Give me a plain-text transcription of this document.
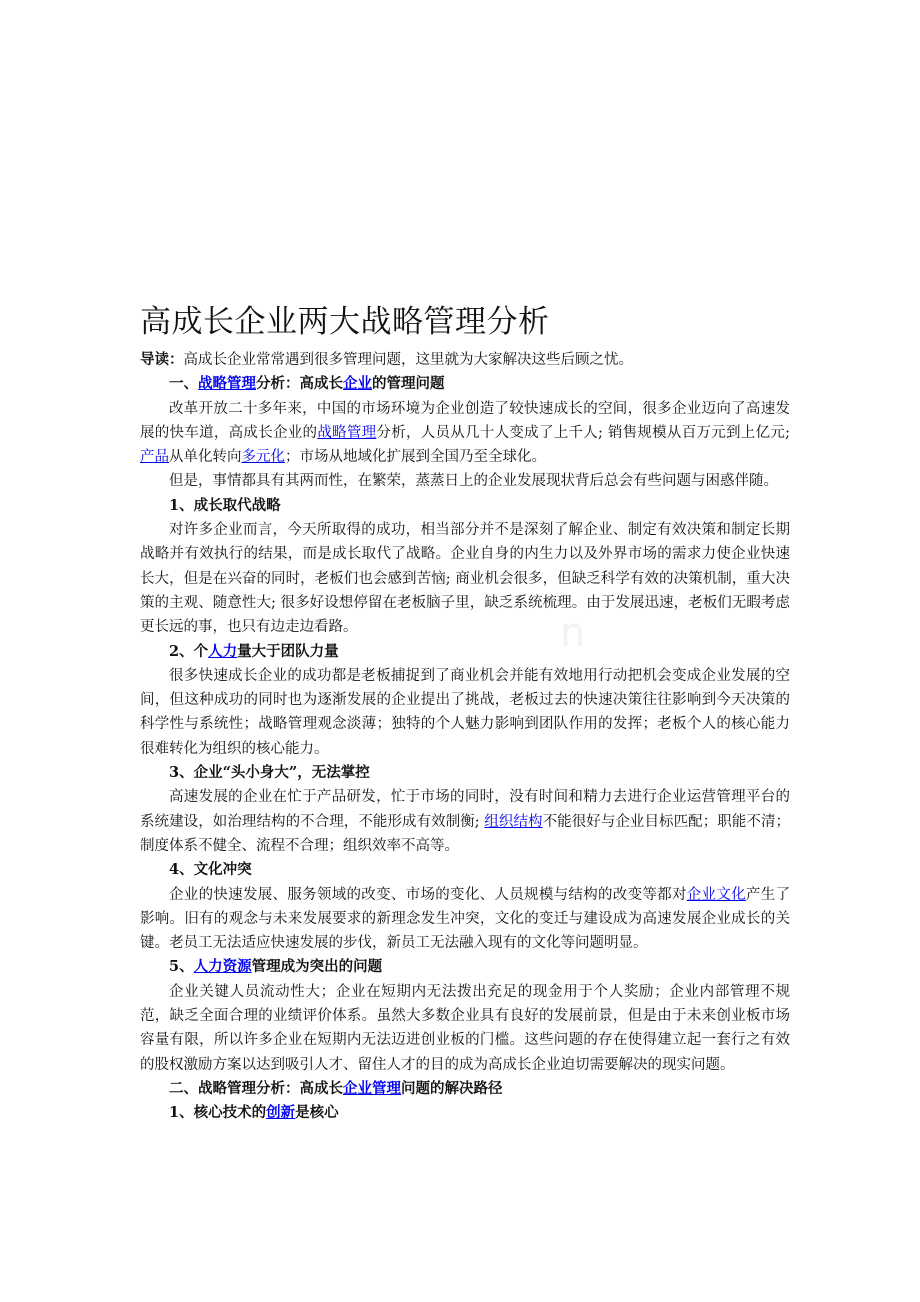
高成长企业两大战略管理分析

导读：高成长企业常常遇到很多管理问题，这里就为大家解决这些后顾之忧。

一、战略管理分析：高成长企业的管理问题

改革开放二十多年来，中国的市场环境为企业创造了较快速成长的空间，很多企业迈向了高速发展的快车道，高成长企业的战略管理分析，人员从几十人变成了上千人; 销售规模从百万元到上亿元; 产品从单化转向多元化；市场从地域化扩展到全国乃至全球化。

但是，事情都具有其两而性，在繁荣，蒸蒸日上的企业发展现状背后总会有些问题与困惑伴随。

1、成长取代战略

对许多企业而言，今天所取得的成功，相当部分并不是深刻了解企业、制定有效决策和制定长期战略并有效执行的结果，而是成长取代了战略。企业自身的内生力以及外界市场的需求力使企业快速长大，但是在兴奋的同时，老板们也会感到苦恼; 商业机会很多，但缺乏科学有效的决策机制，重大决策的主观、随意性大; 很多好设想停留在老板脑子里，缺乏系统梳理。由于发展迅速，老板们无暇考虑更长远的事，也只有边走边看路。

2、个人力量大于团队力量

很多快速成长企业的成功都是老板捕捉到了商业机会并能有效地用行动把机会变成企业发展的空间，但这种成功的同时也为逐渐发展的企业提出了挑战，老板过去的快速决策往往影响到今天决策的科学性与系统性；战略管理观念淡薄；独特的个人魅力影响到团队作用的发挥；老板个人的核心能力很难转化为组织的核心能力。

3、企业“头小身大”，无法掌控

高速发展的企业在忙于产品研发，忙于市场的同时，没有时间和精力去进行企业运营管理平台的系统建设，如治理结构的不合理，不能形成有效制衡; 组织结构不能很好与企业目标匹配；职能不清；制度体系不健全、流程不合理；组织效率不高等。

4、文化冲突

企业的快速发展、服务领域的改变、市场的变化、人员规模与结构的改变等都对企业文化产生了影响。旧有的观念与未来发展要求的新理念发生冲突，文化的变迁与建设成为高速发展企业成长的关键。老员工无法适应快速发展的步伐，新员工无法融入现有的文化等问题明显。

5、人力资源管理成为突出的问题

企业关键人员流动性大；企业在短期内无法拨出充足的现金用于个人奖励；企业内部管理不规范，缺乏全面合理的业绩评价体系。虽然大多数企业具有良好的发展前景，但是由于未来创业板市场容量有限，所以许多企业在短期内无法迈进创业板的门槛。这些问题的存在使得建立起一套行之有效的股权激励方案以达到吸引人才、留住人才的目的成为高成长企业迫切需要解决的现实问题。

二、战略管理分析：高成长企业管理问题的解决路径

1、核心技术的创新是核心

n
